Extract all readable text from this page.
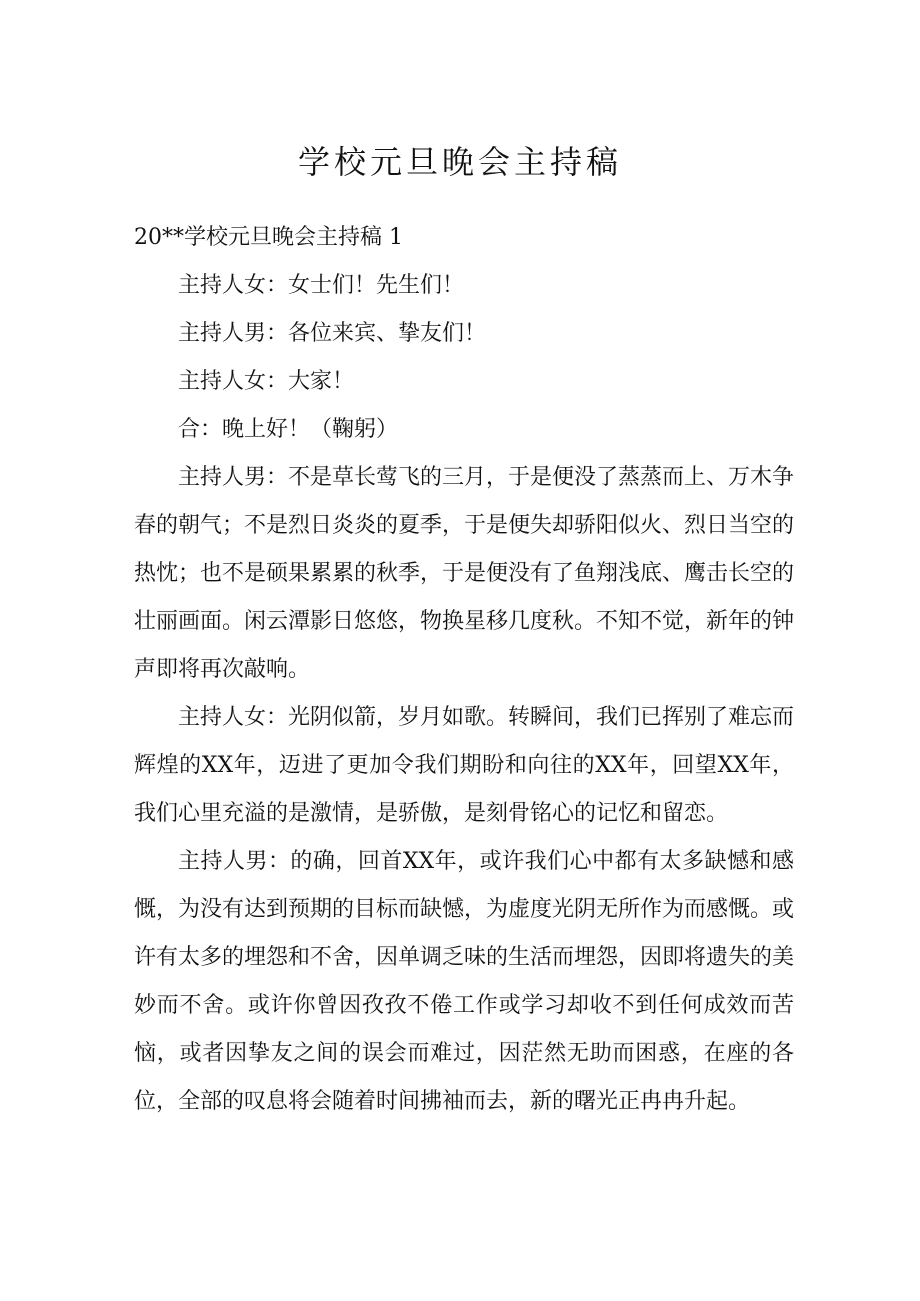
学校元旦晚会主持稿
20**学校元旦晚会主持稿 1

主持人女：女士们！先生们！

主持人男：各位来宾、挚友们！

主持人女：大家！

合：晚上好！（鞠躬）

主持人男：不是草长莺飞的三月，于是便没了蒸蒸而上、万木争春的朝气；不是烈日炎炎的夏季，于是便失却骄阳似火、烈日当空的热忱；也不是硕果累累的秋季，于是便没有了鱼翔浅底、鹰击长空的壮丽画面。闲云潭影日悠悠，物换星移几度秋。不知不觉，新年的钟声即将再次敲响。

主持人女：光阴似箭，岁月如歌。转瞬间，我们已挥别了难忘而辉煌的XX年，迈进了更加令我们期盼和向往的XX年，回望XX年，我们心里充溢的是激情，是骄傲，是刻骨铭心的记忆和留恋。

主持人男：的确，回首XX年，或许我们心中都有太多缺憾和感慨，为没有达到预期的目标而缺憾，为虚度光阴无所作为而感慨。或许有太多的埋怨和不舍，因单调乏味的生活而埋怨，因即将遗失的美妙而不舍。或许你曾因孜孜不倦工作或学习却收不到任何成效而苦恼，或者因挚友之间的误会而难过，因茫然无助而困惑，在座的各位，全部的叹息将会随着时间拂袖而去，新的曙光正冉冉升起。
